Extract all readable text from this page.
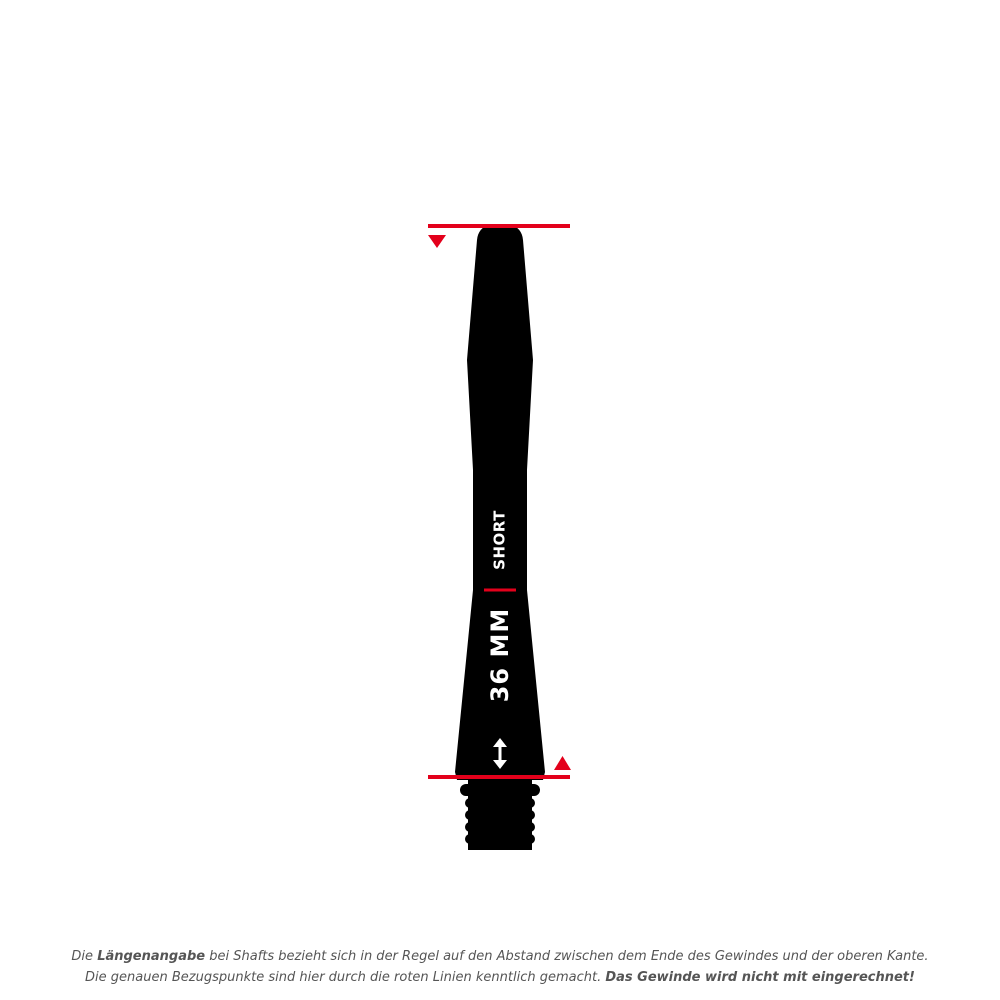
SHORT
36 MM
Die Längenangabe bei Shafts bezieht sich in der Regel auf den Abstand zwischen dem Ende des Gewindes und der oberen Kante.
Die genauen Bezugspunkte sind hier durch die roten Linien kenntlich gemacht. Das Gewinde wird nicht mit eingerechnet!
